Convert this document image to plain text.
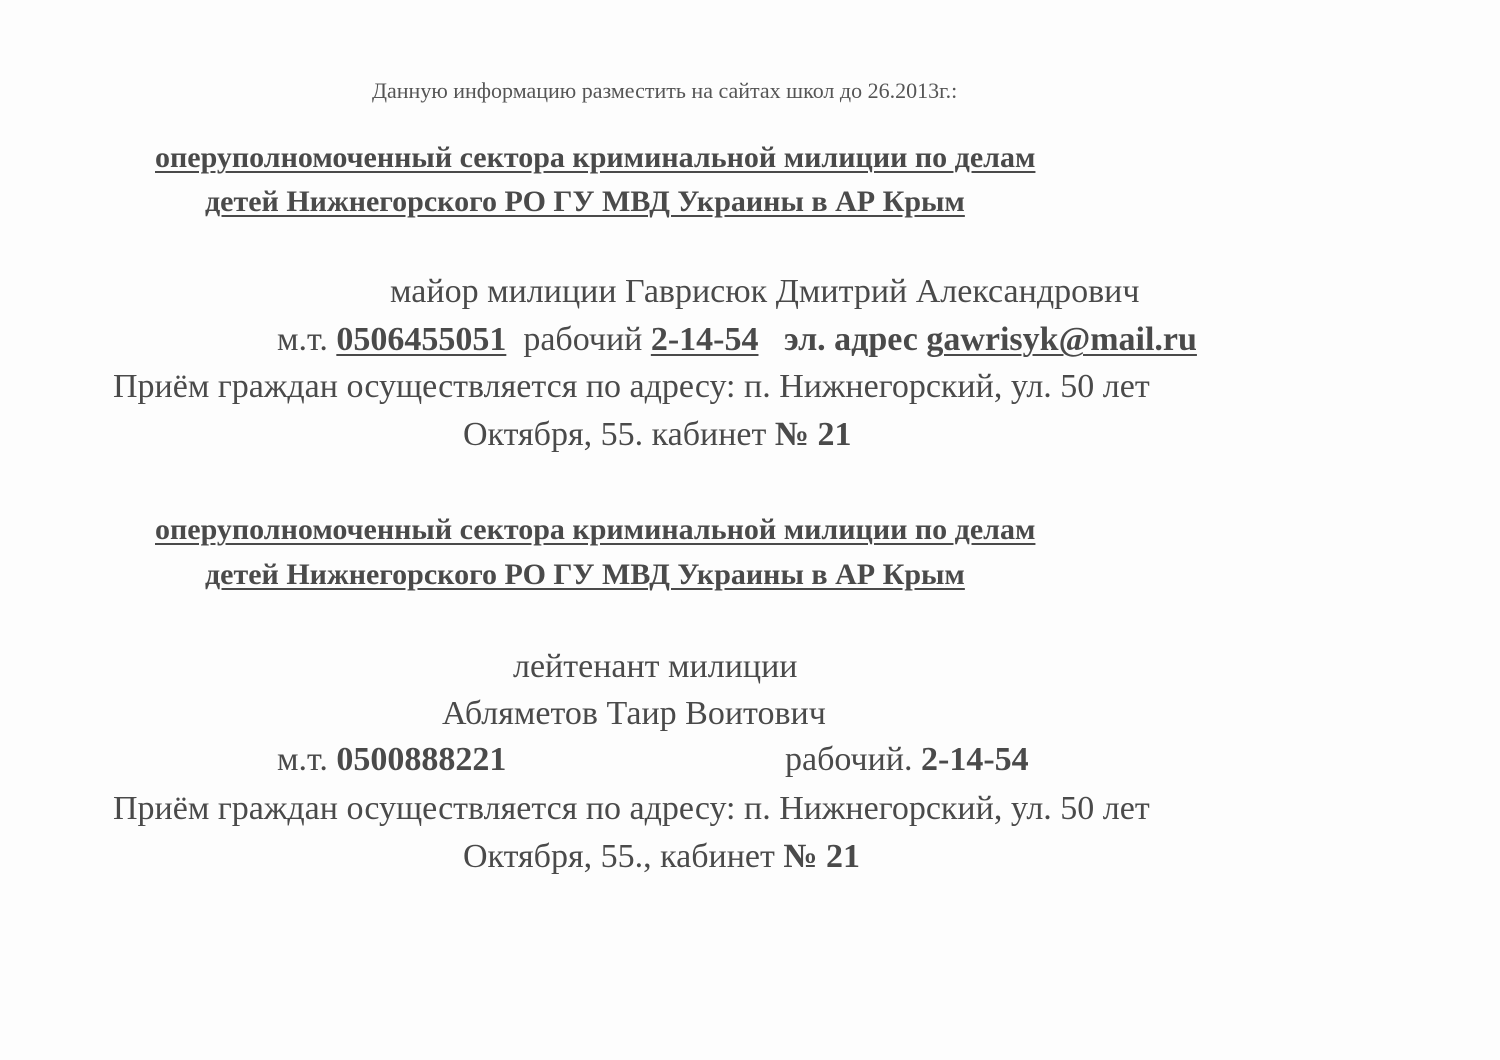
Данную информацию разместить на сайтах школ до 26.2013г.:
оперуполномоченный сектора криминальной милиции по делам
детей Нижнегорского РО ГУ МВД Украины в АР Крым
майор милиции Гаврисюк Дмитрий Александрович
м.т. 0506455051 рабочий 2-14-54 эл. адрес gawrisyk@mail.ru
Приём граждан осуществляется по адресу: п. Нижнегорский, ул. 50 лет
Октября, 55. кабинет № 21
оперуполномоченный сектора криминальной милиции по делам
детей Нижнегорского РО ГУ МВД Украины в АР Крым
лейтенант милиции
Абляметов Таир Воитович
м.т. 0500888221	рабочий. 2-14-54
Приём граждан осуществляется по адресу: п. Нижнегорский, ул. 50 лет
Октября, 55., кабинет № 21
